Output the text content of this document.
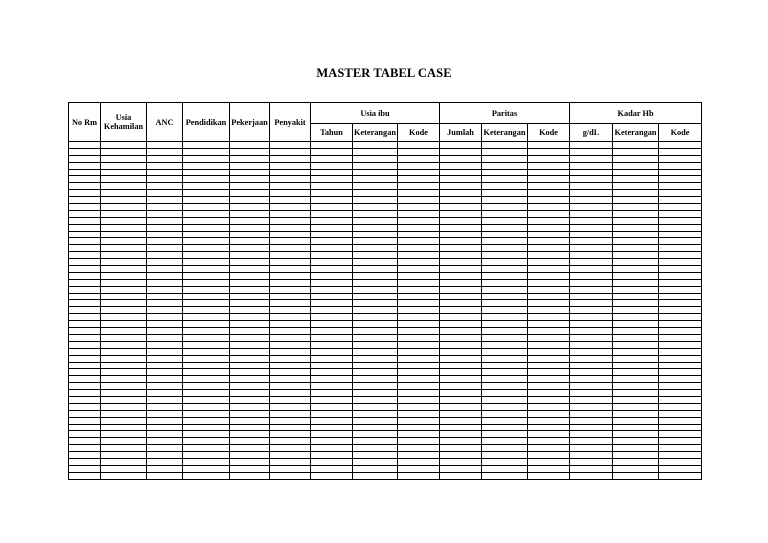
MASTER TABEL CASE
No Rm	Usia Kehamilan	ANC	Pendidikan	Pekerjaan	Penyakit	Usia ibu			Paritas			Kadar Hb		
						Tahun	Keterangan	Kode	Jumlah	Keterangan	Kode	g/dL	Keterangan	Kode
